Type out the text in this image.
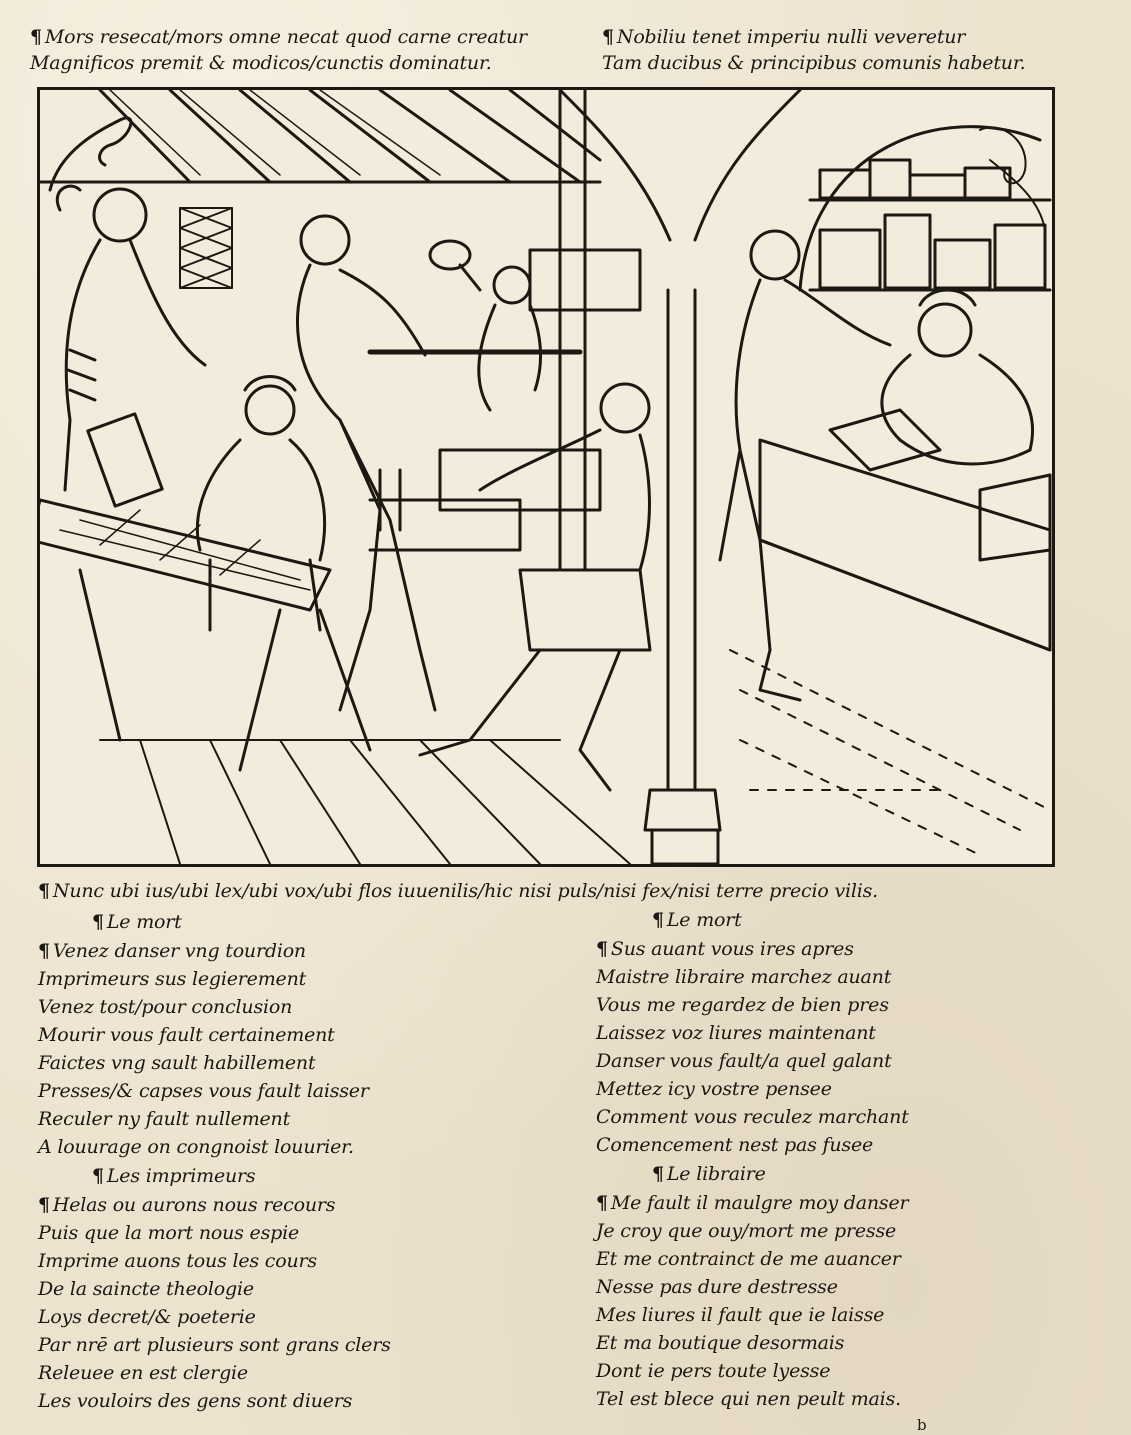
¶ Mors resecat/mors omne necat quod carne creatur
Magnificos premit & modicos/cunctis dominatur.
¶ Nobiliu tenet imperiu nulli veveretur
Tam ducibus & principibus comunis habetur.
¶ Nunc ubi ius/ubi lex/ubi vox/ubi flos iuuenilis/hic nisi puls/nisi fex/nisi terre precio vilis.
¶ Le mort
¶ Venez danser vng tourdion
Imprimeurs sus legierement
Venez tost/pour conclusion
Mourir vous fault certainement
Faictes vng sault habillement
Presses/& capses vous fault laisser
Reculer ny fault nullement
A louurage on congnoist louurier.
¶ Les imprimeurs
¶ Helas ou aurons nous recours
Puis que la mort nous espie
Imprime auons tous les cours
De la saincte theologie
Loys decret/& poeterie
Par nrē art plusieurs sont grans clers
Releuee en est clergie
Les vouloirs des gens sont diuers
¶ Le mort
¶ Sus auant vous ires apres
Maistre libraire marchez auant
Vous me regardez de bien pres
Laissez voz liures maintenant
Danser vous fault/a quel galant
Mettez icy vostre pensee
Comment vous reculez marchant
Comencement nest pas fusee
¶ Le libraire
¶ Me fault il maulgre moy danser
Je croy que ouy/mort me presse
Et me contrainct de me auancer
Nesse pas dure destresse
Mes liures il fault que ie laisse
Et ma boutique desormais
Dont ie pers toute lyesse
Tel est blece qui nen peult mais.
b
